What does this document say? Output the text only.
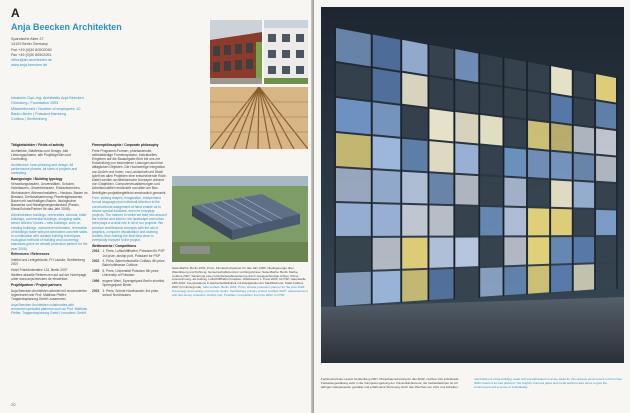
A
Anja Beecken Architekten
Spandsche Allee 27
14129 Berlin Germany
Fon +49 (0)30 80502050
Fax +49 (0)30 80502051
office@ab-architekten.de
www.anja-beecken.de
Inhaberin Dipl.-Ing. Architektin Anja Beecken
Gründung / Foundation 1993
Mitarbeiterzahl / Number of employees: 10
Bauen Berlin | Potsdam Hamburg
Cottbus | Senftenberg

Tätigkeitsfelder / Fields of activity

Architektur, Städtebau und Design. Alle Leistungsphasen, alle Projektgrößen und Controlling.

Architecture, town planning and design. All performance phases, all sizes of projects and controlling.

Bautypologie / Building typology

Verwaltungsbauten, Universitäten, Schulen, Hotelbauten, Gewerbebauten, Einkaufszentren, Wohnbauten, Altenwohnstätten – Neubau, Bauen im Bestand, Denkmalsanierung, Planfertigbauweise, Bauen mit nachhaltigen Bauen, ökologischer Bauweise und Niedrigenergiestandard (Passiv-Klima/Schutz/Partner für das Jahr 2006).

Administration buildings, universities, schools, hotel buildings, commercial buildings, shopping malls, senior citizens' homes – new buildings, work on existing buildings, monument restoration, renovation of buildings made with pre-fabricated concrete slabs, in combination with durable building techniques, ecological methods of building and low-energy standards (price as climate protection partner for the year 2006).

Referenzen / References

Institut und Lehrgebäude, FH Lausitz, Senftenberg 2007

Hotel Frankfurterallee 124, Berlin 2007

Weitere aktuelle Referenzen auf auf der Homepage unter www.anja-beecken.de einsehbar.

Projektpartner / Project partners

Anja Beecken Architekten arbeitet mit renommierten Ingenieuren wie Prof. Matthias Pfeifer, Tragwerksplanung GmbH zusammen.

Anja Beecken Architekten collaborates with renowned specialist planners such as Prof. Matthias Pfeifer, Tragwerksplanung GmbH, Innovatec GmbH.

Firmenphilosophie / Corporate philosophy

Freie Programm-Formen, phantasievolle, selbstständige Formensprache, individuelles Eingehen auf die Bauaufgabe führt bei uns zur Entwicklung von besonderen Lösungen auch bei alltäglichen Objekten. Die Hochwertige Integration von Außen und Innen, von Landschaft und Stadt spielt bei allen Projekten eine entscheidende Rolle. Dabei werden architektonische Konzepte anhand von Graphiken, Computervisualisierungen und Arbeitsmodellen entwickelt und allen am Bau Beteiligten projektbegleitend anschaulich gemacht.

Free, striking shapes, imaginative, independent formal language plus individual attention to the constructional assignment at hand enable us to devise special solutions, even for everyday projects. The manner in which we take into account the exterior and interior, the landscape and urban area plays a crucial role in all of our projects. We produce architectural concepts with the aid of graphics, computer visualization and working models, thus making the final idea clear to everybody involved in the project.

Wettbewerbe / Competitions

2003 1. Preis, Luftschifffhafen, Potsdam für PSP 1st prize, airship port, Potsdam for PSP
2002 4. Preis, Bahnhofsstraße Cottbus 4th prize, Bahnhofstrasse Cottbus
1998 5. Preis, Universität Potsdam 5th prize, University of Potsdam
1996 engere Wahl, Sprengelpark Berlin shortlist, Sprengelpark Berlin
2003 3. Preis, Schule Nordhausen 3rd prize, school Nordhausen
Seitenfläche: Berlin 2004, Prüm, Klimaschutzpartner für das Jahr 2006: Niedrigenergie über Wandlösung und Kühlung, Gemeinschaftszentrum und Ergebnisse. Seitenfläche: Berlin Niethe, Cottbus 2007: Sanierung einer Grundschule/Erweiterung durch zweigeschossige Anbau. Klima-Auszeichnung, als Auftrag. Luftschifffhafen Potsdam: Wettbewerb 1. Preis 2003, für PSP. Hauptstelle LBS 2004. Interpretations & Hochschulbibliothek mit Zweigstellen der Stadtbücherei, Stadt Cottbus 2007 (im Hintergrund). Side surface: Berlin 2004, Prüm, climate protection partner for the year 2006: low-energy and cooling, community centre. Senftenberg primary school, Cottbus 2007: redevelopment with two-storey extension. Airship port, Potsdam: competition 1st prize 2003, for PSP.
20
Fachhochschule Lausitz Senftenberg 2007: Planerbauvertretung für das IKMZ, Cottbus. Die individuelle Fassadengestaltung setzt in der Campusumgebung der Universität Akzente; der Gebäudekörper ist mit farbigen Glaspaneelen gestaltet und erhält seine Stimmung durch den Wechsel von Licht und Schatten.
refurbishment of the building made with pre-fabricated concrete slabs for this campus environment in the former GDR means it as was planned. The brightly coloured glass and metal sections also serve to give the environment and a sense of individuality.
